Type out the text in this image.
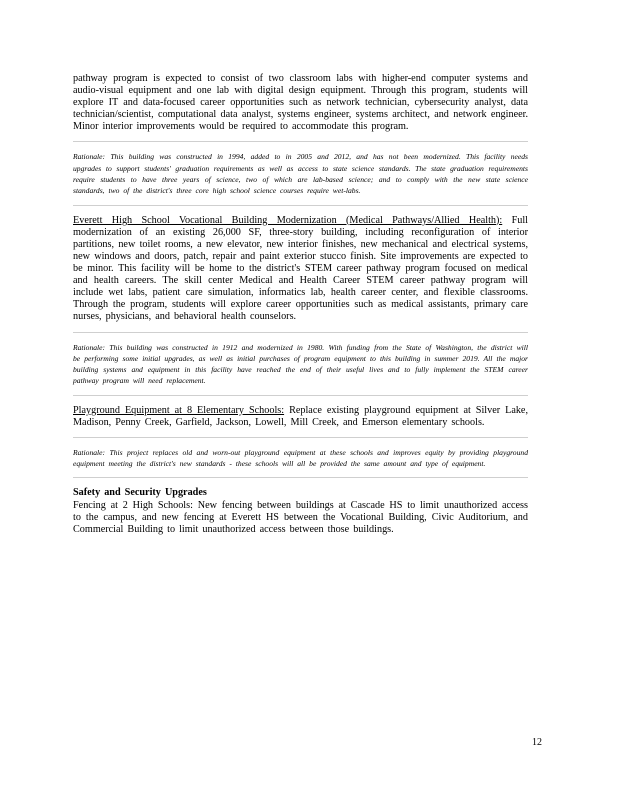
pathway program is expected to consist of two classroom labs with higher-end computer systems and audio-visual equipment and one lab with digital design equipment. Through this program, students will explore IT and data-focused career opportunities such as network technician, cybersecurity analyst, data technician/scientist, computational data analyst, systems engineer, systems architect, and network engineer. Minor interior improvements would be required to accommodate this program.

Rationale: This building was constructed in 1994, added to in 2005 and 2012, and has not been modernized. This facility needs upgrades to support students' graduation requirements as well as access to state science standards. The state graduation requirements require students to have three years of science, two of which are lab-based science; and to comply with the new state science standards, two of the district's three core high school science courses require wet-labs.

Everett High School Vocational Building Modernization (Medical Pathways/Allied Health): Full modernization of an existing 26,000 SF, three-story building, including reconfiguration of interior partitions, new toilet rooms, a new elevator, new interior finishes, new mechanical and electrical systems, new windows and doors, patch, repair and paint exterior stucco finish. Site improvements are expected to be minor. This facility will be home to the district's STEM career pathway program focused on medical and health careers. The skill center Medical and Health Career STEM career pathway program will include wet labs, patient care simulation, informatics lab, health career center, and flexible classrooms. Through the program, students will explore career opportunities such as medical assistants, primary care nurses, physicians, and behavioral health counselors.

Rationale: This building was constructed in 1912 and modernized in 1980. With funding from the State of Washington, the district will be performing some initial upgrades, as well as initial purchases of program equipment to this building in summer 2019. All the major building systems and equipment in this facility have reached the end of their useful lives and to fully implement the STEM career pathway program will need replacement.

Playground Equipment at 8 Elementary Schools: Replace existing playground equipment at Silver Lake, Madison, Penny Creek, Garfield, Jackson, Lowell, Mill Creek, and Emerson elementary schools.

Rationale: This project replaces old and worn-out playground equipment at these schools and improves equity by providing playground equipment meeting the district's new standards - these schools will all be provided the same amount and type of equipment.

Safety and Security Upgrades

Fencing at 2 High Schools: New fencing between buildings at Cascade HS to limit unauthorized access to the campus, and new fencing at Everett HS between the Vocational Building, Civic Auditorium, and Commercial Building to limit unauthorized access between those buildings.

12
